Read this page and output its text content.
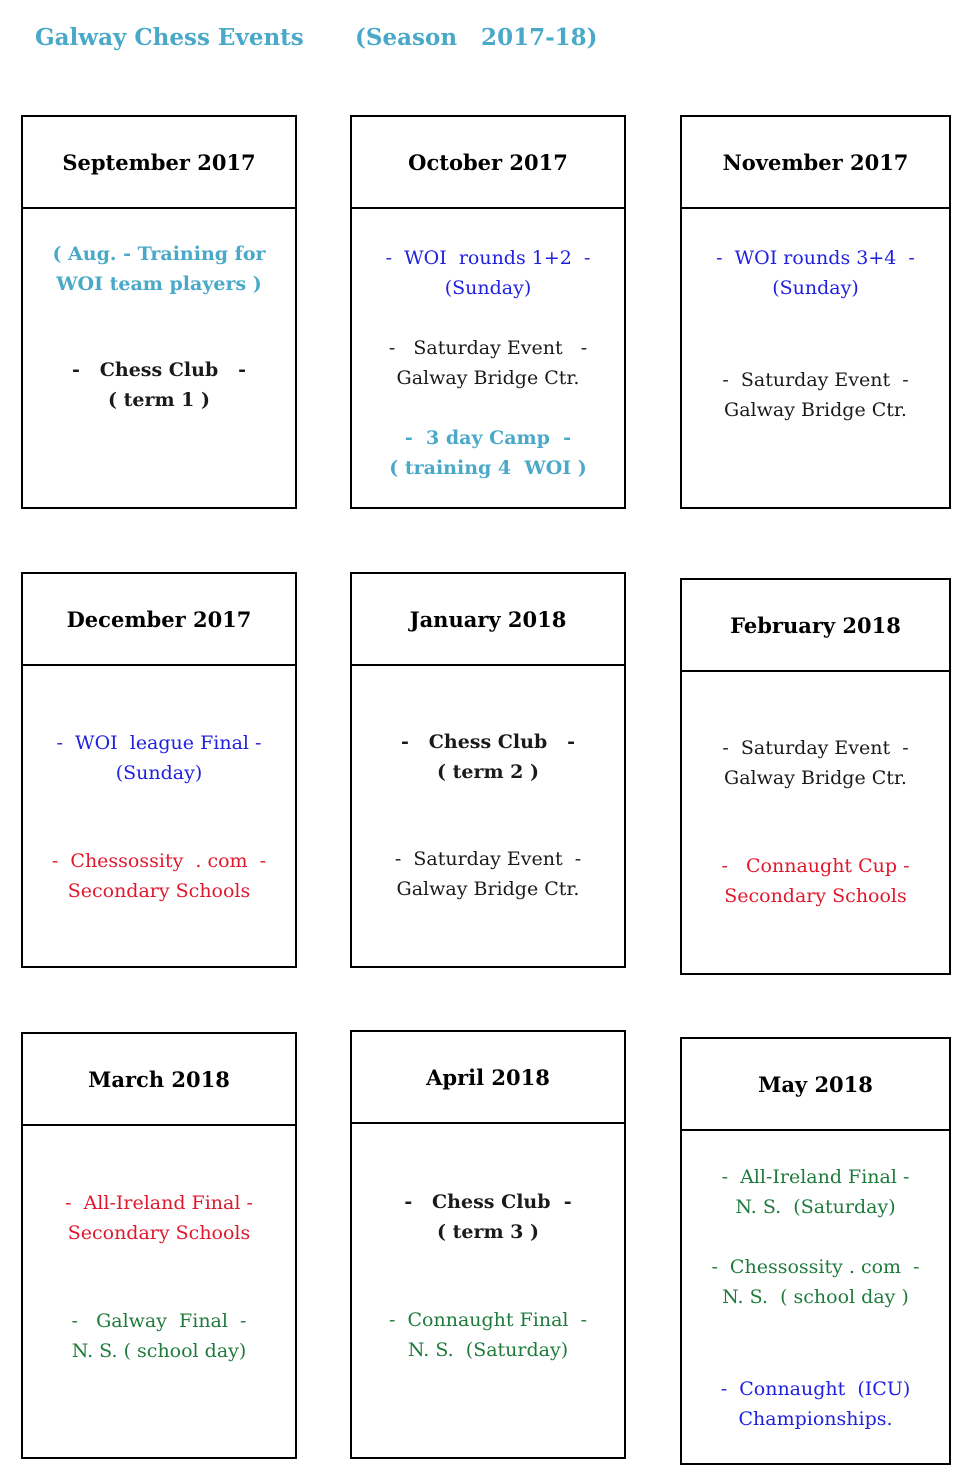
Galway Chess Events (Season   2017-18)
September 2017
( Aug. - Training for
WOI team players )
-   Chess Club   -
( term 1 )
October 2017
-  WOI  rounds 1+2  -
(Sunday)
-   Saturday Event   -
Galway Bridge Ctr.
-  3 day Camp  -
( training 4  WOI )
November 2017
-  WOI rounds 3+4  -
(Sunday)
-  Saturday Event  -
Galway Bridge Ctr.
December 2017
-  WOI  league Final -
(Sunday)
-  Chessossity  . com  -
Secondary Schools
January 2018
-   Chess Club   -
( term 2 )
-  Saturday Event  -
Galway Bridge Ctr.
February 2018
-  Saturday Event  -
Galway Bridge Ctr.
-   Connaught Cup -
Secondary Schools
March 2018
-  All-Ireland Final -
Secondary Schools
-   Galway  Final  -
N. S. ( school day)
April 2018
-   Chess Club  -
( term 3 )
-  Connaught Final  -
N. S.  (Saturday)
May 2018
-  All-Ireland Final -
N. S.  (Saturday)
-  Chessossity . com  -
N. S.  ( school day )
-  Connaught  (ICU)
Championships.
